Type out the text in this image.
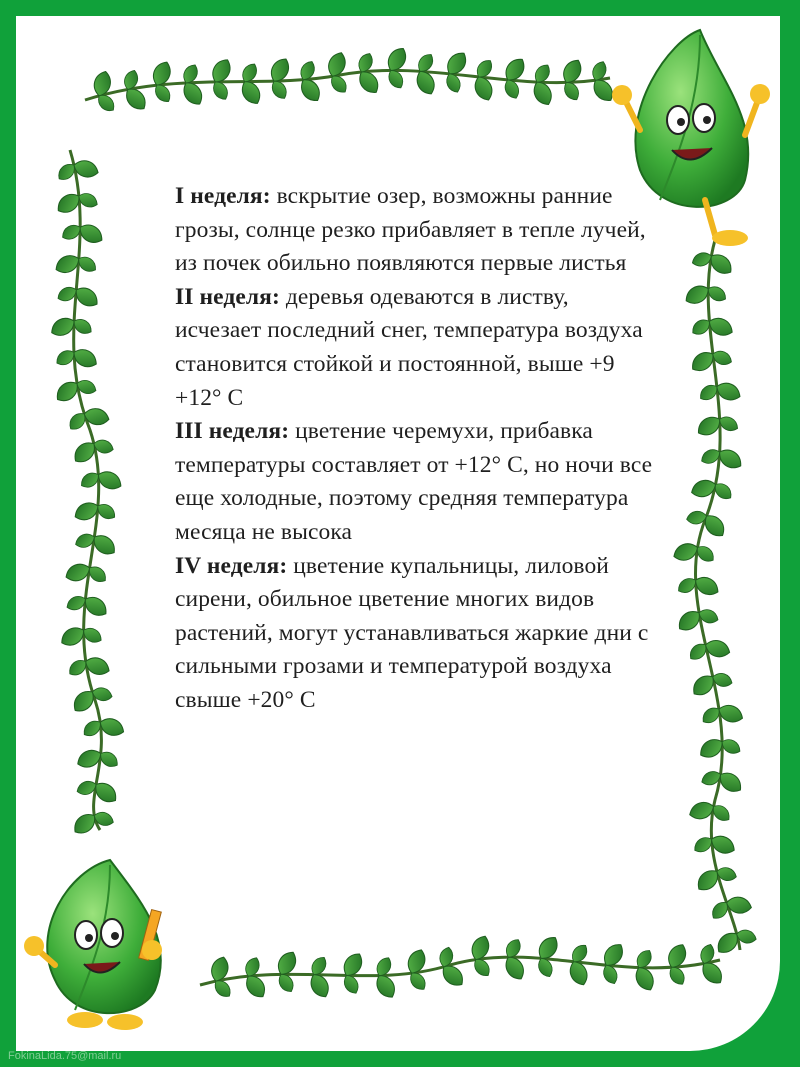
I неделя: вскрытие озер, возможны ранние грозы, солнце резко прибавляет в тепле лучей, из почек обильно появляются первые листья

II неделя: деревья одеваются в листву, исчезает последний снег, температура воздуха становится стойкой и постоянной, выше +9 +12° С

III неделя: цветение черемухи, прибавка температуры составляет от +12° С, но ночи все еще холодные, поэтому средняя температура месяца не высока

IV неделя: цветение купальницы, лиловой сирени, обильное цветение многих видов растений, могут устанавливаться жаркие дни с сильными грозами и температурой воздуха свыше +20° С

FokinaLida.75@mail.ru
